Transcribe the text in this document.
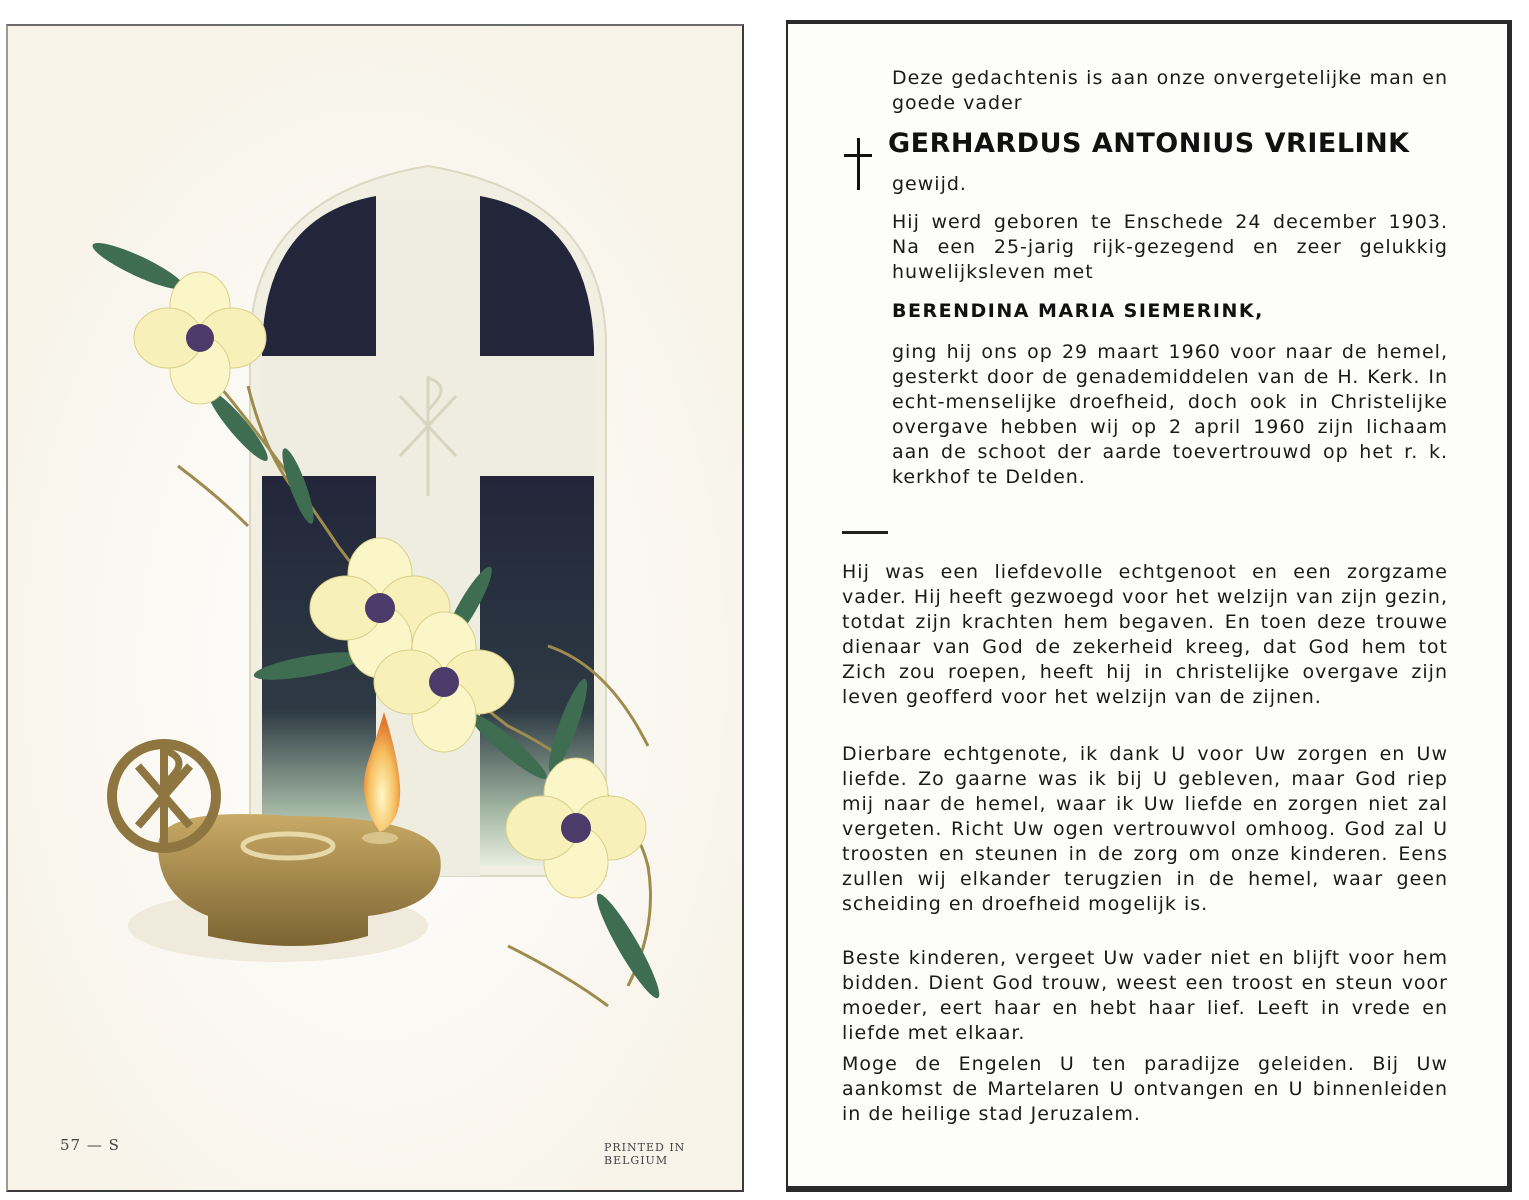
57 — S	PRINTED IN BELGIUM

Deze gedachtenis is aan onze onvergetelijke man en goede vader

GERHARDUS ANTONIUS VRIELINK

gewijd.

Hij werd geboren te Enschede 24 december 1903. Na een 25-jarig rijk-gezegend en zeer gelukkig huwelijksleven met

BERENDINA MARIA SIEMERINK,

ging hij ons op 29 maart 1960 voor naar de hemel, gesterkt door de genademiddelen van de H. Kerk. In echt-menselijke droefheid, doch ook in Christelijke overgave hebben wij op 2 april 1960 zijn lichaam aan de schoot der aarde toevertrouwd op het r. k. kerkhof te Delden.

Hij was een liefdevolle echtgenoot en een zorgzame vader. Hij heeft gezwoegd voor het welzijn van zijn gezin, totdat zijn krachten hem begaven. En toen deze trouwe dienaar van God de zekerheid kreeg, dat God hem tot Zich zou roepen, heeft hij in christelijke overgave zijn leven geofferd voor het welzijn van de zijnen.

Dierbare echtgenote, ik dank U voor Uw zorgen en Uw liefde. Zo gaarne was ik bij U gebleven, maar God riep mij naar de hemel, waar ik Uw liefde en zorgen niet zal vergeten. Richt Uw ogen vertrouwvol omhoog. God zal U troosten en steunen in de zorg om onze kinderen. Eens zullen wij elkander terugzien in de hemel, waar geen scheiding en droefheid mogelijk is.

Beste kinderen, vergeet Uw vader niet en blijft voor hem bidden. Dient God trouw, weest een troost en steun voor moeder, eert haar en hebt haar lief. Leeft in vrede en liefde met elkaar.

Moge de Engelen U ten paradijze geleiden. Bij Uw aankomst de Martelaren U ontvangen en U binnenleiden in de heilige stad Jeruzalem.
